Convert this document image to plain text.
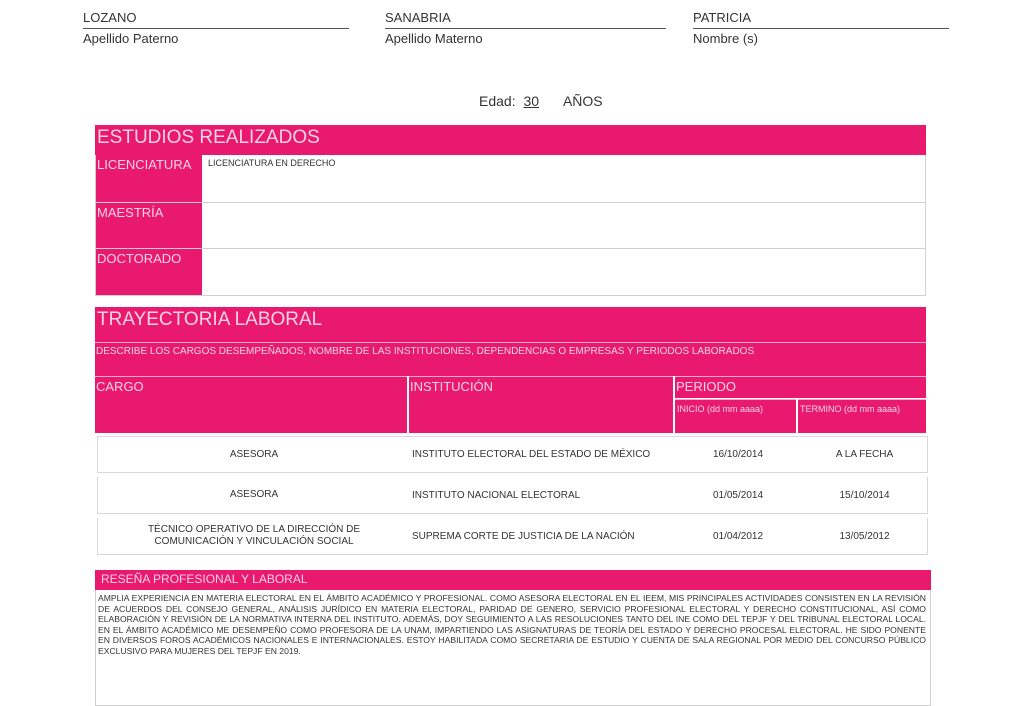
LOZANO
Apellido Paterno
SANABRIA
Apellido Materno
PATRICIA
Nombre (s)
Edad: 30 AÑOS
ESTUDIOS REALIZADOS
LICENCIATURA	LICENCIATURA EN DERECHO
MAESTRÍA
DOCTORADO
TRAYECTORIA LABORAL
DESCRIBE LOS CARGOS DESEMPEÑADOS, NOMBRE DE LAS INSTITUCIONES, DEPENDENCIAS O EMPRESAS Y PERIODOS LABORADOS
CARGO	INSTITUCIÓN	PERIODO
INICIO (dd mm aaaa)	TERMINO (dd mm aaaa)
ASESORA	INSTITUTO ELECTORAL DEL ESTADO DE MÉXICO	16/10/2014	A LA FECHA
ASESORA	INSTITUTO NACIONAL ELECTORAL	01/05/2014	15/10/2014
TÉCNICO OPERATIVO DE LA DIRECCIÓN DE COMUNICACIÓN Y VINCULACIÓN SOCIAL	SUPREMA CORTE DE JUSTICIA DE LA NACIÓN	01/04/2012	13/05/2012
RESEÑA PROFESIONAL Y LABORAL
AMPLIA EXPERIENCIA EN MATERIA ELECTORAL EN EL ÁMBITO ACADÉMICO Y PROFESIONAL. COMO ASESORA ELECTORAL EN EL IEEM, MIS PRINCIPALES ACTIVIDADES CONSISTEN EN LA REVISIÓN DE ACUERDOS DEL CONSEJO GENERAL, ANÁLISIS JURÍDICO EN MATERIA ELECTORAL, PARIDAD DE GENERO, SERVICIO PROFESIONAL ELECTORAL Y DERECHO CONSTITUCIONAL, ASÍ COMO ELABORACIÓN Y REVISIÓN DE LA NORMATIVA INTERNA DEL INSTITUTO. ADEMÁS, DOY SEGUIMIENTO A LAS RESOLUCIONES TANTO DEL INE COMO DEL TEPJF Y DEL TRIBUNAL ELECTORAL LOCAL. EN EL ÁMBITO ACADÉMICO ME DESEMPEÑO COMO PROFESORA DE LA UNAM, IMPARTIENDO LAS ASIGNATURAS DE TEORÍA DEL ESTADO Y DERECHO PROCESAL ELECTORAL. HE SIDO PONENTE EN DIVERSOS FOROS ACADÉMICOS NACIONALES E INTERNACIONALES. ESTOY HABILITADA COMO SECRETARIA DE ESTUDIO Y CUENTA DE SALA REGIONAL POR MEDIO DEL CONCURSO PÚBLICO EXCLUSIVO PARA MUJERES DEL TEPJF EN 2019.
